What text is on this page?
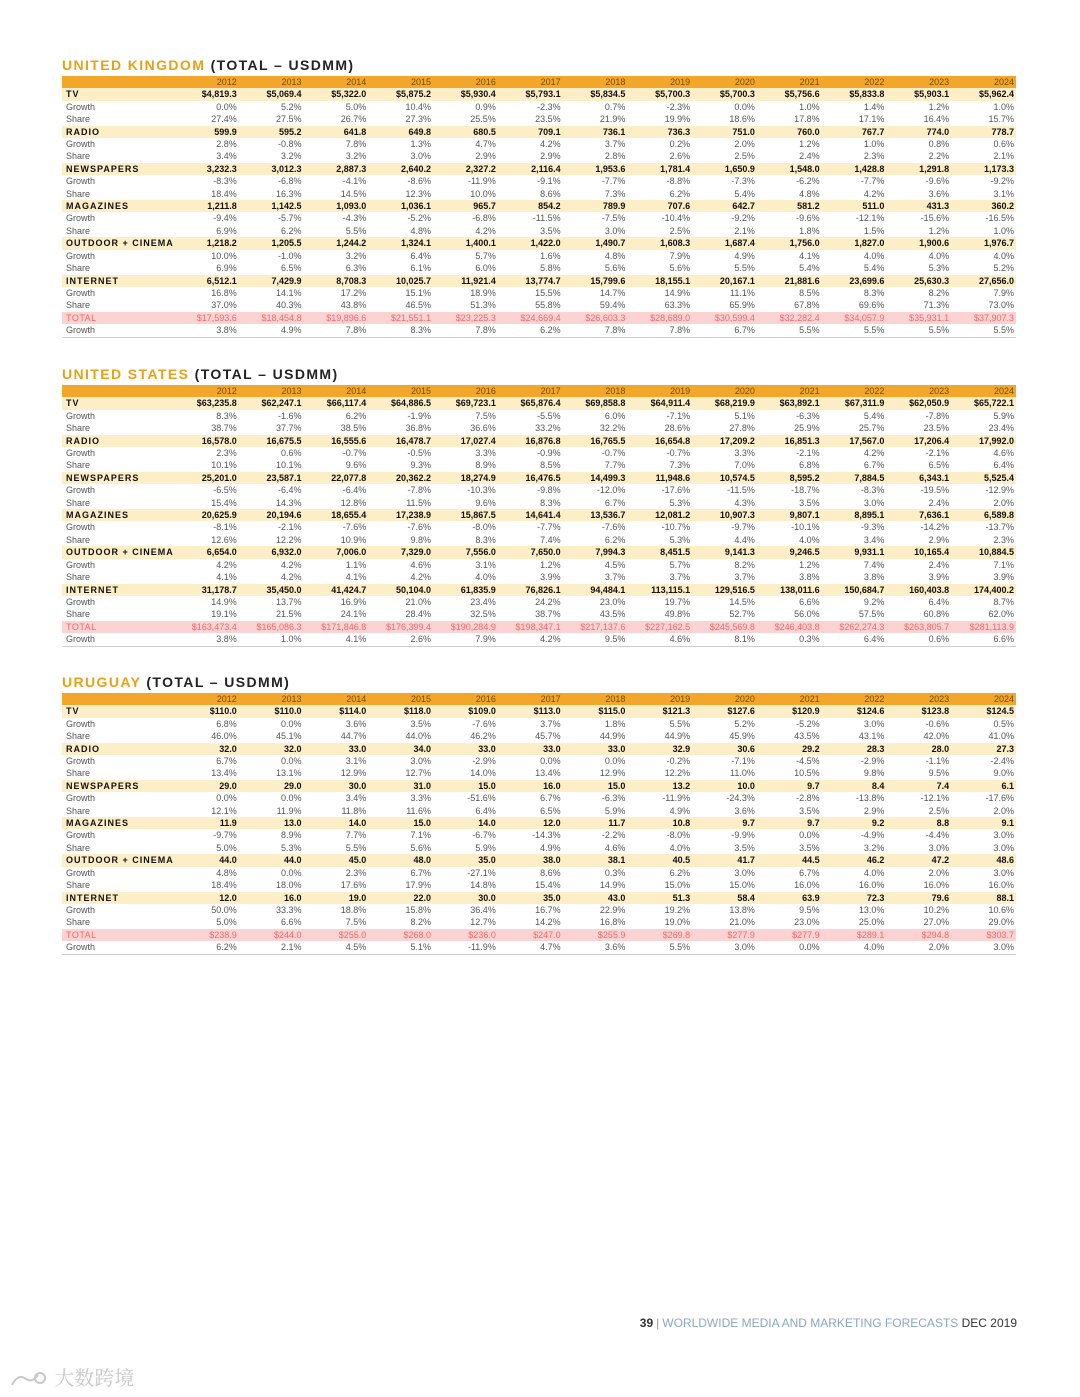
UNITED KINGDOM (TOTAL – USDMM)
	2012	2013	2014	2015	2016	2017	2018	2019	2020	2021	2022	2023	2024
TV	$4,819.3	$5,069.4	$5,322.0	$5,875.2	$5,930.4	$5,793.1	$5,834.5	$5,700.3	$5,700.3	$5,756.6	$5,833.8	$5,903.1	$5,962.4
Growth	0.0%	5.2%	5.0%	10.4%	0.9%	-2.3%	0.7%	-2.3%	0.0%	1.0%	1.4%	1.2%	1.0%
Share	27.4%	27.5%	26.7%	27.3%	25.5%	23.5%	21.9%	19.9%	18.6%	17.8%	17.1%	16.4%	15.7%
RADIO	599.9	595.2	641.8	649.8	680.5	709.1	736.1	736.3	751.0	760.0	767.7	774.0	778.7
Growth	2.8%	-0.8%	7.8%	1.3%	4.7%	4.2%	3.7%	0.2%	2.0%	1.2%	1.0%	0.8%	0.6%
Share	3.4%	3.2%	3.2%	3.0%	2.9%	2.9%	2.8%	2.6%	2.5%	2.4%	2.3%	2.2%	2.1%
NEWSPAPERS	3,232.3	3,012.3	2,887.3	2,640.2	2,327.2	2,116.4	1,953.6	1,781.4	1,650.9	1,548.0	1,428.8	1,291.8	1,173.3
Growth	-8.3%	-6.8%	-4.1%	-8.6%	-11.9%	-9.1%	-7.7%	-8.8%	-7.3%	-6.2%	-7.7%	-9.6%	-9.2%
Share	18.4%	16.3%	14.5%	12.3%	10.0%	8.6%	7.3%	6.2%	5.4%	4.8%	4.2%	3.6%	3.1%
MAGAZINES	1,211.8	1,142.5	1,093.0	1,036.1	965.7	854.2	789.9	707.6	642.7	581.2	511.0	431.3	360.2
Growth	-9.4%	-5.7%	-4.3%	-5.2%	-6.8%	-11.5%	-7.5%	-10.4%	-9.2%	-9.6%	-12.1%	-15.6%	-16.5%
Share	6.9%	6.2%	5.5%	4.8%	4.2%	3.5%	3.0%	2.5%	2.1%	1.8%	1.5%	1.2%	1.0%
OUTDOOR + CINEMA	1,218.2	1,205.5	1,244.2	1,324.1	1,400.1	1,422.0	1,490.7	1,608.3	1,687.4	1,756.0	1,827.0	1,900.6	1,976.7
Growth	10.0%	-1.0%	3.2%	6.4%	5.7%	1.6%	4.8%	7.9%	4.9%	4.1%	4.0%	4.0%	4.0%
Share	6.9%	6.5%	6.3%	6.1%	6.0%	5.8%	5.6%	5.6%	5.5%	5.4%	5.4%	5.3%	5.2%
INTERNET	6,512.1	7,429.9	8,708.3	10,025.7	11,921.4	13,774.7	15,799.6	18,155.1	20,167.1	21,881.6	23,699.6	25,630.3	27,656.0
Growth	16.8%	14.1%	17.2%	15.1%	18.9%	15.5%	14.7%	14.9%	11.1%	8.5%	8.3%	8.2%	7.9%
Share	37.0%	40.3%	43.8%	46.5%	51.3%	55.8%	59.4%	63.3%	65.9%	67.8%	69.6%	71.3%	73.0%
TOTAL	$17,593.6	$18,454.8	$19,896.6	$21,551.1	$23,225.3	$24,669.4	$26,603.3	$28,689.0	$30,599.4	$32,282.4	$34,057.9	$35,931.1	$37,907.3
Growth	3.8%	4.9%	7.8%	8.3%	7.8%	6.2%	7.8%	7.8%	6.7%	5.5%	5.5%	5.5%	5.5%
UNITED STATES (TOTAL – USDMM)
	2012	2013	2014	2015	2016	2017	2018	2019	2020	2021	2022	2023	2024
TV	$63,235.8	$62,247.1	$66,117.4	$64,886.5	$69,723.1	$65,876.4	$69,858.8	$64,911.4	$68,219.9	$63,892.1	$67,311.9	$62,050.9	$65,722.1
Growth	8.3%	-1.6%	6.2%	-1.9%	7.5%	-5.5%	6.0%	-7.1%	5.1%	-6.3%	5.4%	-7.8%	5.9%
Share	38.7%	37.7%	38.5%	36.8%	36.6%	33.2%	32.2%	28.6%	27.8%	25.9%	25.7%	23.5%	23.4%
RADIO	16,578.0	16,675.5	16,555.6	16,478.7	17,027.4	16,876.8	16,765.5	16,654.8	17,209.2	16,851.3	17,567.0	17,206.4	17,992.0
Growth	2.3%	0.6%	-0.7%	-0.5%	3.3%	-0.9%	-0.7%	-0.7%	3.3%	-2.1%	4.2%	-2.1%	4.6%
Share	10.1%	10.1%	9.6%	9.3%	8.9%	8.5%	7.7%	7.3%	7.0%	6.8%	6.7%	6.5%	6.4%
NEWSPAPERS	25,201.0	23,587.1	22,077.8	20,362.2	18,274.9	16,476.5	14,499.3	11,948.6	10,574.5	8,595.2	7,884.5	6,343.1	5,525.4
Growth	-6.5%	-6.4%	-6.4%	-7.8%	-10.3%	-9.8%	-12.0%	-17.6%	-11.5%	-18.7%	-8.3%	-19.5%	-12.9%
Share	15.4%	14.3%	12.8%	11.5%	9.6%	8.3%	6.7%	5.3%	4.3%	3.5%	3.0%	2.4%	2.0%
MAGAZINES	20,625.9	20,194.6	18,655.4	17,238.9	15,867.5	14,641.4	13,536.7	12,081.2	10,907.3	9,807.1	8,895.1	7,636.1	6,589.8
Growth	-8.1%	-2.1%	-7.6%	-7.6%	-8.0%	-7.7%	-7.6%	-10.7%	-9.7%	-10.1%	-9.3%	-14.2%	-13.7%
Share	12.6%	12.2%	10.9%	9.8%	8.3%	7.4%	6.2%	5.3%	4.4%	4.0%	3.4%	2.9%	2.3%
OUTDOOR + CINEMA	6,654.0	6,932.0	7,006.0	7,329.0	7,556.0	7,650.0	7,994.3	8,451.5	9,141.3	9,246.5	9,931.1	10,165.4	10,884.5
Growth	4.2%	4.2%	1.1%	4.6%	3.1%	1.2%	4.5%	5.7%	8.2%	1.2%	7.4%	2.4%	7.1%
Share	4.1%	4.2%	4.1%	4.2%	4.0%	3.9%	3.7%	3.7%	3.7%	3.8%	3.8%	3.9%	3.9%
INTERNET	31,178.7	35,450.0	41,424.7	50,104.0	61,835.9	76,826.1	94,484.1	113,115.1	129,516.5	138,011.6	150,684.7	160,403.8	174,400.2
Growth	14.9%	13.7%	16.9%	21.0%	23.4%	24.2%	23.0%	19.7%	14.5%	6.6%	9.2%	6.4%	8.7%
Share	19.1%	21.5%	24.1%	28.4%	32.5%	38.7%	43.5%	49.8%	52.7%	56.0%	57.5%	60.8%	62.0%
TOTAL	$163,473.4	$165,086.3	$171,846.8	$176,399.4	$190,284.9	$198,347.1	$217,137.6	$227,162.5	$245,569.8	$246,403.8	$262,274.3	$263,805.7	$281,113.9
Growth	3.8%	1.0%	4.1%	2.6%	7.9%	4.2%	9.5%	4.6%	8.1%	0.3%	6.4%	0.6%	6.6%
URUGUAY (TOTAL – USDMM)
	2012	2013	2014	2015	2016	2017	2018	2019	2020	2021	2022	2023	2024
TV	$110.0	$110.0	$114.0	$118.0	$109.0	$113.0	$115.0	$121.3	$127.6	$120.9	$124.6	$123.8	$124.5
Growth	6.8%	0.0%	3.6%	3.5%	-7.6%	3.7%	1.8%	5.5%	5.2%	-5.2%	3.0%	-0.6%	0.5%
Share	46.0%	45.1%	44.7%	44.0%	46.2%	45.7%	44.9%	44.9%	45.9%	43.5%	43.1%	42.0%	41.0%
RADIO	32.0	32.0	33.0	34.0	33.0	33.0	33.0	32.9	30.6	29.2	28.3	28.0	27.3
Growth	6.7%	0.0%	3.1%	3.0%	-2.9%	0.0%	0.0%	-0.2%	-7.1%	-4.5%	-2.9%	-1.1%	-2.4%
Share	13.4%	13.1%	12.9%	12.7%	14.0%	13.4%	12.9%	12.2%	11.0%	10.5%	9.8%	9.5%	9.0%
NEWSPAPERS	29.0	29.0	30.0	31.0	15.0	16.0	15.0	13.2	10.0	9.7	8.4	7.4	6.1
Growth	0.0%	0.0%	3.4%	3.3%	-51.6%	6.7%	-6.3%	-11.9%	-24.3%	-2.8%	-13.8%	-12.1%	-17.6%
Share	12.1%	11.9%	11.8%	11.6%	6.4%	6.5%	5.9%	4.9%	3.6%	3.5%	2.9%	2.5%	2.0%
MAGAZINES	11.9	13.0	14.0	15.0	14.0	12.0	11.7	10.8	9.7	9.7	9.2	8.8	9.1
Growth	-9.7%	8.9%	7.7%	7.1%	-6.7%	-14.3%	-2.2%	-8.0%	-9.9%	0.0%	-4.9%	-4.4%	3.0%
Share	5.0%	5.3%	5.5%	5.6%	5.9%	4.9%	4.6%	4.0%	3.5%	3.5%	3.2%	3.0%	3.0%
OUTDOOR + CINEMA	44.0	44.0	45.0	48.0	35.0	38.0	38.1	40.5	41.7	44.5	46.2	47.2	48.6
Growth	4.8%	0.0%	2.3%	6.7%	-27.1%	8.6%	0.3%	6.2%	3.0%	6.7%	4.0%	2.0%	3.0%
Share	18.4%	18.0%	17.6%	17.9%	14.8%	15.4%	14.9%	15.0%	15.0%	16.0%	16.0%	16.0%	16.0%
INTERNET	12.0	16.0	19.0	22.0	30.0	35.0	43.0	51.3	58.4	63.9	72.3	79.6	88.1
Growth	50.0%	33.3%	18.8%	15.8%	36.4%	16.7%	22.9%	19.2%	13.8%	9.5%	13.0%	10.2%	10.6%
Share	5.0%	6.6%	7.5%	8.2%	12.7%	14.2%	16.8%	19.0%	21.0%	23.0%	25.0%	27.0%	29.0%
TOTAL	$238.9	$244.0	$255.0	$268.0	$236.0	$247.0	$255.9	$269.8	$277.9	$277.9	$289.1	$294.8	$303.7
Growth	6.2%	2.1%	4.5%	5.1%	-11.9%	4.7%	3.6%	5.5%	3.0%	0.0%	4.0%	2.0%	3.0%
39 | WORLDWIDE MEDIA AND MARKETING FORECASTS DEC 2019
大数跨境
